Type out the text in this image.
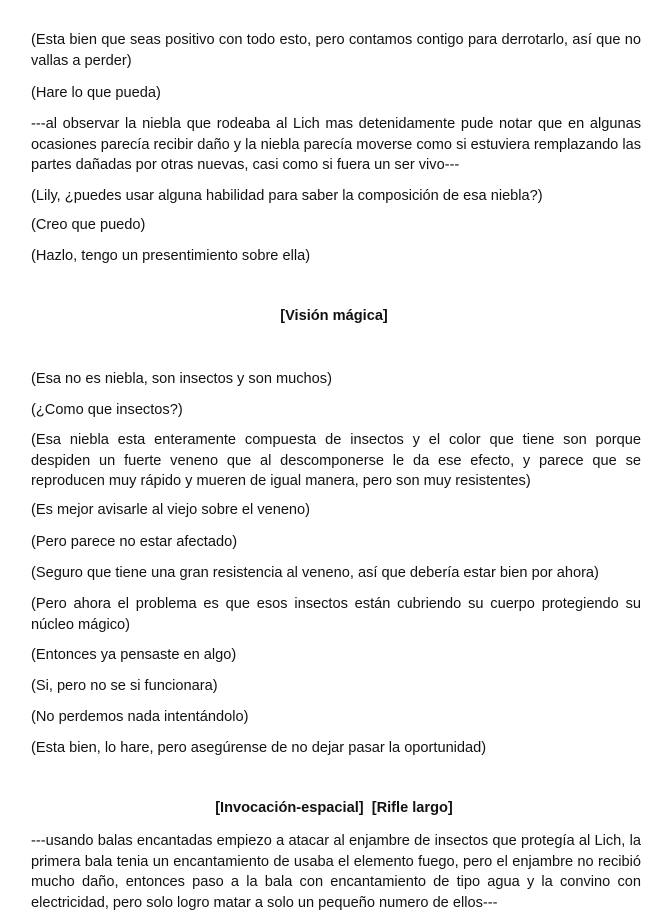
(Esta bien que seas positivo con todo esto, pero contamos contigo para derrotarlo, así que no vallas a perder)

(Hare lo que pueda)

---al observar la niebla que rodeaba al Lich mas detenidamente pude notar que en algunas ocasiones parecía recibir daño y la niebla parecía moverse como si estuviera remplazando las partes dañadas por otras nuevas, casi como si fuera un ser vivo---

(Lily, ¿puedes usar alguna habilidad para saber la composición de esa niebla?)

(Creo que puedo)

(Hazlo, tengo un presentimiento sobre ella)

[Visión mágica]

(Esa no es niebla, son insectos y son muchos)

(¿Como que insectos?)

(Esa niebla esta enteramente compuesta de insectos y el color que tiene son porque despiden un fuerte veneno que al descomponerse le da ese efecto, y parece que se reproducen muy rápido y mueren de igual manera, pero son muy resistentes)

(Es mejor avisarle al viejo sobre el veneno)

(Pero parece no estar afectado)

(Seguro que tiene una gran resistencia al veneno, así que debería estar bien por ahora)

(Pero ahora el problema es que esos insectos están cubriendo su cuerpo protegiendo su núcleo mágico)

(Entonces ya pensaste en algo)

(Si, pero no se si funcionara)

(No perdemos nada intentándolo)

(Esta bien, lo hare, pero asegúrense de no dejar pasar la oportunidad)

[Invocación-espacial]  [Rifle largo]

---usando balas encantadas empiezo a atacar al enjambre de insectos que protegía al Lich, la primera bala tenia un encantamiento de usaba el elemento fuego, pero el enjambre no recibió mucho daño, entonces paso a la bala con encantamiento de tipo agua y la convino con electricidad, pero solo logro matar a solo un pequeño numero de ellos---
